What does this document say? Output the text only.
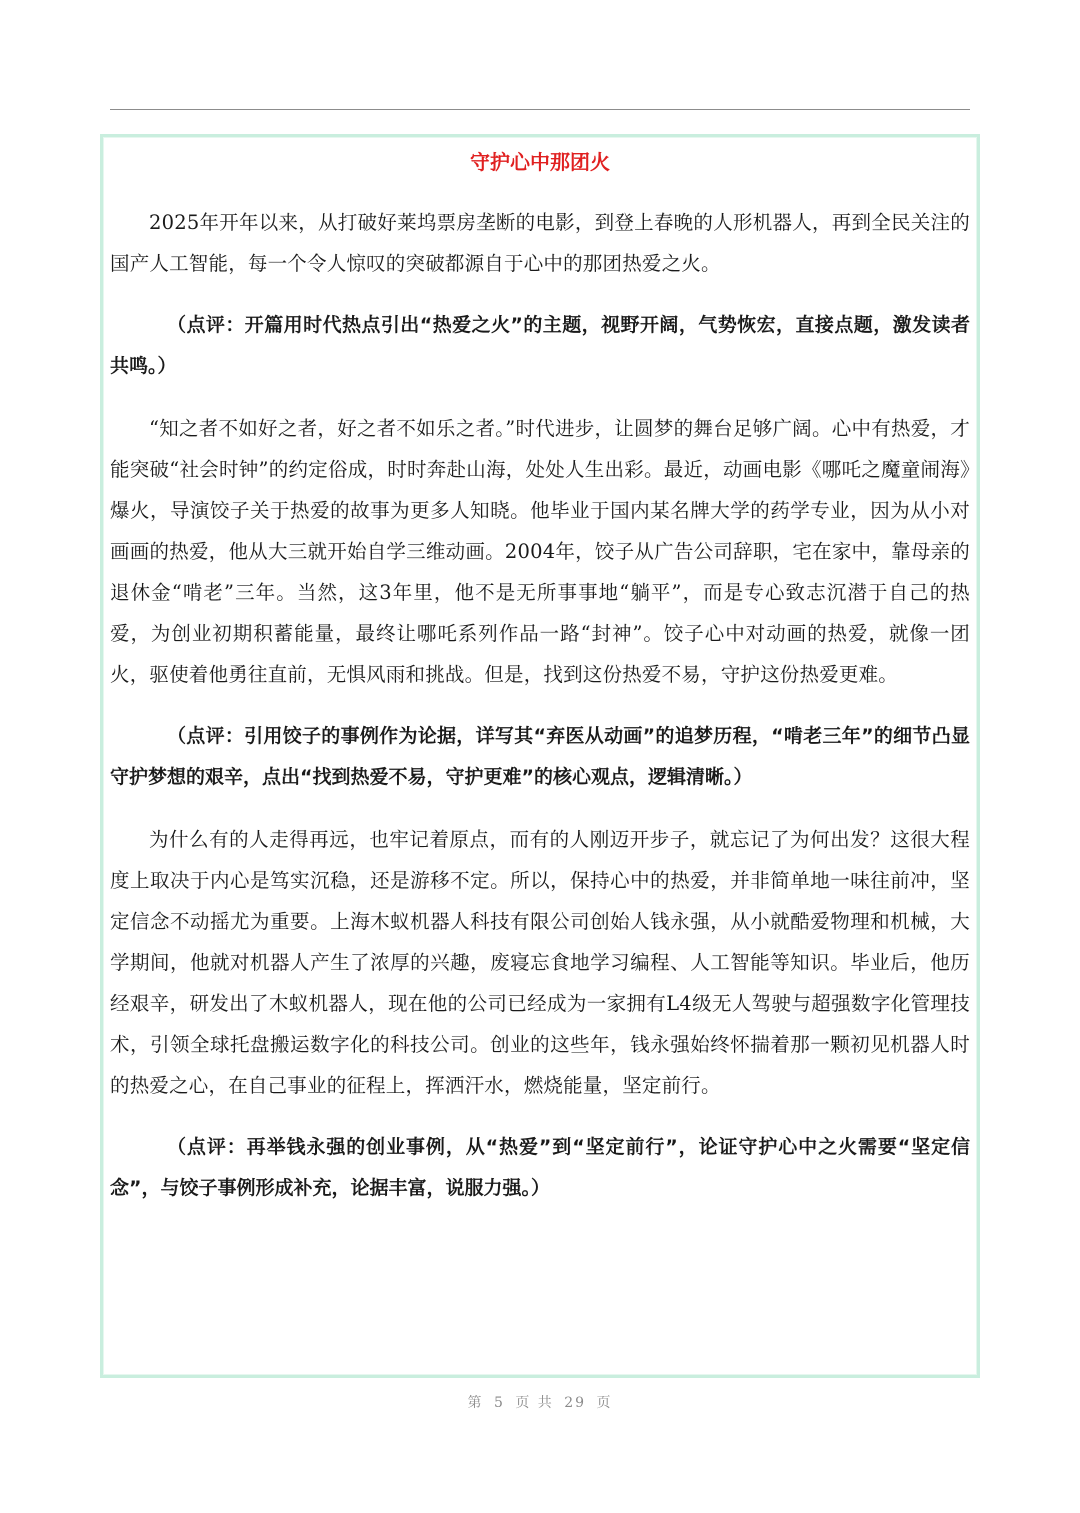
守护心中那团火

2025年开年以来，从打破好莱坞票房垄断的电影，到登上春晚的人形机器人，再到全民关注的国产人工智能，每一个令人惊叹的突破都源自于心中的那团热爱之火。

（点评：开篇用时代热点引出“热爱之火”的主题，视野开阔，气势恢宏，直接点题，激发读者共鸣。）

“知之者不如好之者，好之者不如乐之者。”时代进步，让圆梦的舞台足够广阔。心中有热爱，才能突破“社会时钟”的约定俗成，时时奔赴山海，处处人生出彩。最近，动画电影《哪吒之魔童闹海》爆火，导演饺子关于热爱的故事为更多人知晓。他毕业于国内某名牌大学的药学专业，因为从小对画画的热爱，他从大三就开始自学三维动画。2004年，饺子从广告公司辞职，宅在家中，靠母亲的退休金“啃老”三年。当然，这3年里，他不是无所事事地“躺平”，而是专心致志沉潜于自己的热爱，为创业初期积蓄能量，最终让哪吒系列作品一路“封神”。饺子心中对动画的热爱，就像一团火，驱使着他勇往直前，无惧风雨和挑战。但是，找到这份热爱不易，守护这份热爱更难。

（点评：引用饺子的事例作为论据，详写其“弃医从动画”的追梦历程，“啃老三年”的细节凸显守护梦想的艰辛，点出“找到热爱不易，守护更难”的核心观点，逻辑清晰。）

为什么有的人走得再远，也牢记着原点，而有的人刚迈开步子，就忘记了为何出发？这很大程度上取决于内心是笃实沉稳，还是游移不定。所以，保持心中的热爱，并非简单地一味往前冲，坚定信念不动摇尤为重要。上海木蚁机器人科技有限公司创始人钱永强，从小就酷爱物理和机械，大学期间，他就对机器人产生了浓厚的兴趣，废寝忘食地学习编程、人工智能等知识。毕业后，他历经艰辛，研发出了木蚁机器人，现在他的公司已经成为一家拥有L4级无人驾驶与超强数字化管理技术，引领全球托盘搬运数字化的科技公司。创业的这些年，钱永强始终怀揣着那一颗初见机器人时的热爱之心，在自己事业的征程上，挥洒汗水，燃烧能量，坚定前行。

（点评：再举钱永强的创业事例，从“热爱”到“坚定前行”，论证守护心中之火需要“坚定信念”，与饺子事例形成补充，论据丰富，说服力强。）

第 5 页 共 29 页
